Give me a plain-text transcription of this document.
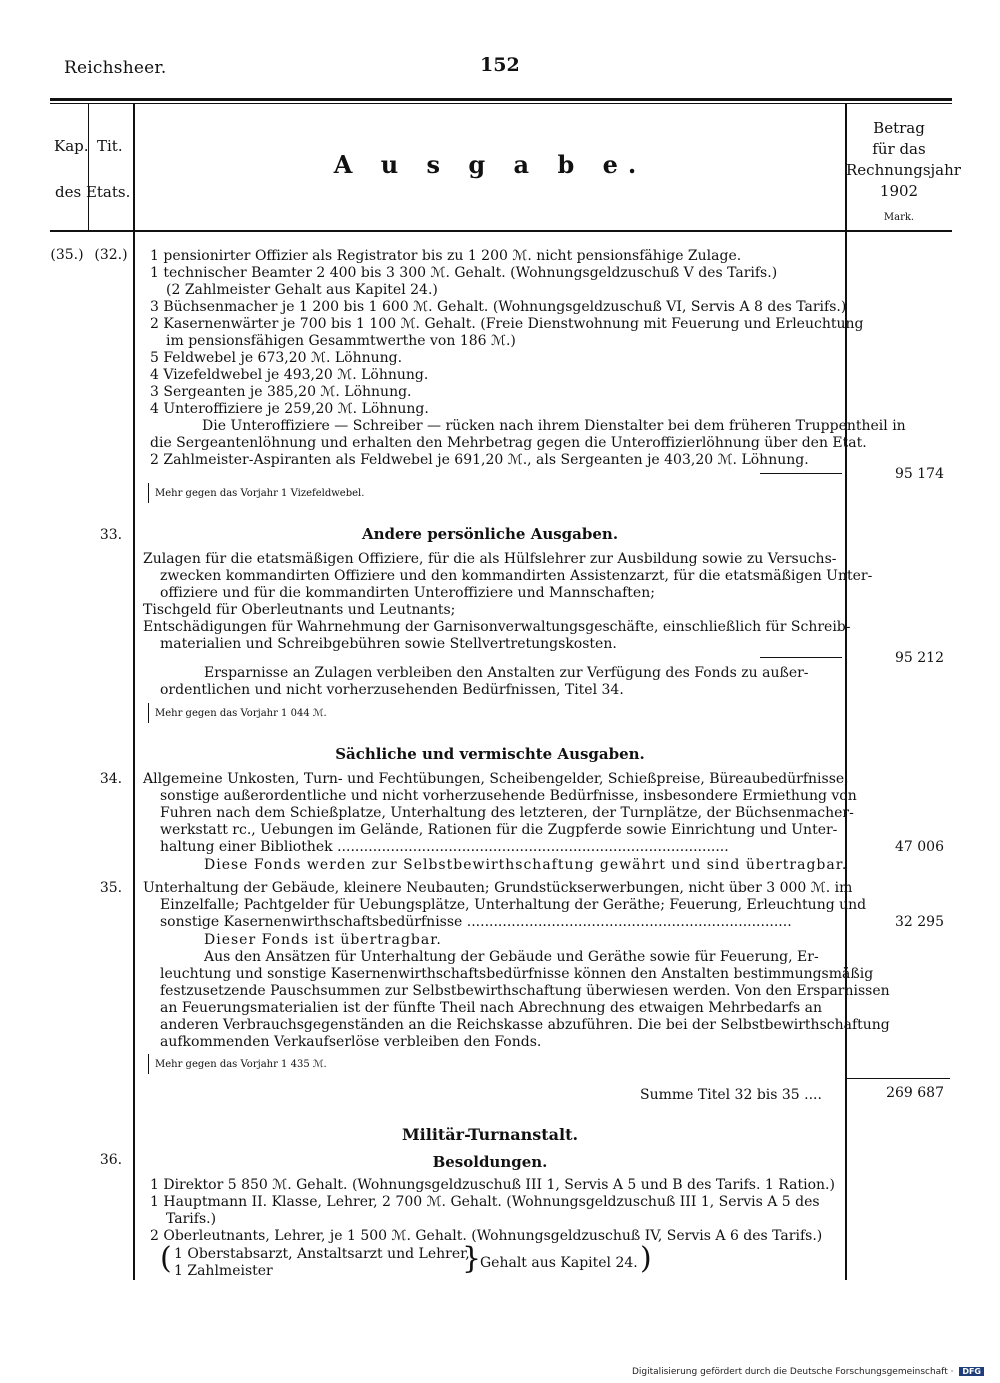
Reichsheer.	152
Kap. Tit.
des Etats.
A u s g a b e.
Betrag
für das
Rechnungsjahr
1902
Mark.
(35.) (32.)	1 pensionirter Offizier als Registrator bis zu 1 200 ℳ. nicht pensionsfähige Zulage.
1 technischer Beamter 2 400 bis 3 300 ℳ. Gehalt. (Wohnungsgeldzuschuß V des Tarifs.)
(2 Zahlmeister Gehalt aus Kapitel 24.)
3 Büchsenmacher je 1 200 bis 1 600 ℳ. Gehalt. (Wohnungsgeldzuschuß VI, Servis A 8 des Tarifs.)
2 Kasernenwärter je 700 bis 1 100 ℳ. Gehalt. (Freie Dienstwohnung mit Feuerung und Erleuchtung
im pensionsfähigen Gesammtwerthe von 186 ℳ.)
5 Feldwebel je 673,20 ℳ. Löhnung.
4 Vizefeldwebel je 493,20 ℳ. Löhnung.
3 Sergeanten je 385,20 ℳ. Löhnung.
4 Unteroffiziere je 259,20 ℳ. Löhnung.
Die Unteroffiziere — Schreiber — rücken nach ihrem Dienstalter bei dem früheren Truppentheil in
die Sergeantenlöhnung und erhalten den Mehrbetrag gegen die Unteroffizierlöhnung über den Etat.
2 Zahlmeister-Aspiranten als Feldwebel je 691,20 ℳ., als Sergeanten je 403,20 ℳ. Löhnung.
95 174
Mehr gegen das Vorjahr 1 Vizefeldwebel.
33.	Andere persönliche Ausgaben.
Zulagen für die etatsmäßigen Offiziere, für die als Hülfslehrer zur Ausbildung sowie zu Versuchs-
zwecken kommandirten Offiziere und den kommandirten Assistenzarzt, für die etatsmäßigen Unter-
offiziere und für die kommandirten Unteroffiziere und Mannschaften;
Tischgeld für Oberleutnants und Leutnants;
Entschädigungen für Wahrnehmung der Garnisonverwaltungsgeschäfte, einschließlich für Schreib-
materialien und Schreibgebühren sowie Stellvertretungskosten.
Ersparnisse an Zulagen verbleiben den Anstalten zur Verfügung des Fonds zu außer-
ordentlichen und nicht vorherzusehenden Bedürfnissen, Titel 34.
95 212
Mehr gegen das Vorjahr 1 044 ℳ.
Sächliche und vermischte Ausgaben.
34.	Allgemeine Unkosten, Turn- und Fechtübungen, Scheibengelder, Schießpreise, Büreaubedürfnisse,
sonstige außerordentliche und nicht vorherzusehende Bedürfnisse, insbesondere Ermiethung von
Fuhren nach dem Schießplatze, Unterhaltung des letzteren, der Turnplätze, der Büchsenmacher-
werkstatt rc., Uebungen im Gelände, Rationen für die Zugpferde sowie Einrichtung und Unter-
haltung einer Bibliothek ........................................................................................	47 006
Diese Fonds werden zur Selbstbewirthschaftung gewährt und sind übertragbar.
35.	Unterhaltung der Gebäude, kleinere Neubauten; Grundstückserwerbungen, nicht über 3 000 ℳ. im
Einzelfalle; Pachtgelder für Uebungsplätze, Unterhaltung der Geräthe; Feuerung, Erleuchtung und
sonstige Kasernenwirthschaftsbedürfnisse .........................................................................	32 295
Dieser Fonds ist übertragbar.
Aus den Ansätzen für Unterhaltung der Gebäude und Geräthe sowie für Feuerung, Er-
leuchtung und sonstige Kasernenwirthschaftsbedürfnisse können den Anstalten bestimmungsmäßig
festzusetzende Pauschsummen zur Selbstbewirthschaftung überwiesen werden. Von den Ersparnissen
an Feuerungsmaterialien ist der fünfte Theil nach Abrechnung des etwaigen Mehrbedarfs an
anderen Verbrauchsgegenständen an die Reichskasse abzuführen. Die bei der Selbstbewirthschaftung
aufkommenden Verkaufserlöse verbleiben den Fonds.
Mehr gegen das Vorjahr 1 435 ℳ.
Summe Titel 32 bis 35 ....	269 687
Militär-Turnanstalt.
36.	Besoldungen.
1 Direktor 5 850 ℳ. Gehalt. (Wohnungsgeldzuschuß III 1, Servis A 5 und B des Tarifs. 1 Ration.)
1 Hauptmann II. Klasse, Lehrer, 2 700 ℳ. Gehalt. (Wohnungsgeldzuschuß III 1, Servis A 5 des
Tarifs.)
2 Oberleutnants, Lehrer, je 1 500 ℳ. Gehalt. (Wohnungsgeldzuschuß IV, Servis A 6 des Tarifs.)
( 1 Oberstabsarzt, Anstaltsarzt und Lehrer,
1 Zahlmeister	}
Gehalt aus Kapitel 24. )
Digitalisierung gefördert durch die Deutsche Forschungsgemeinschaft · DFG
